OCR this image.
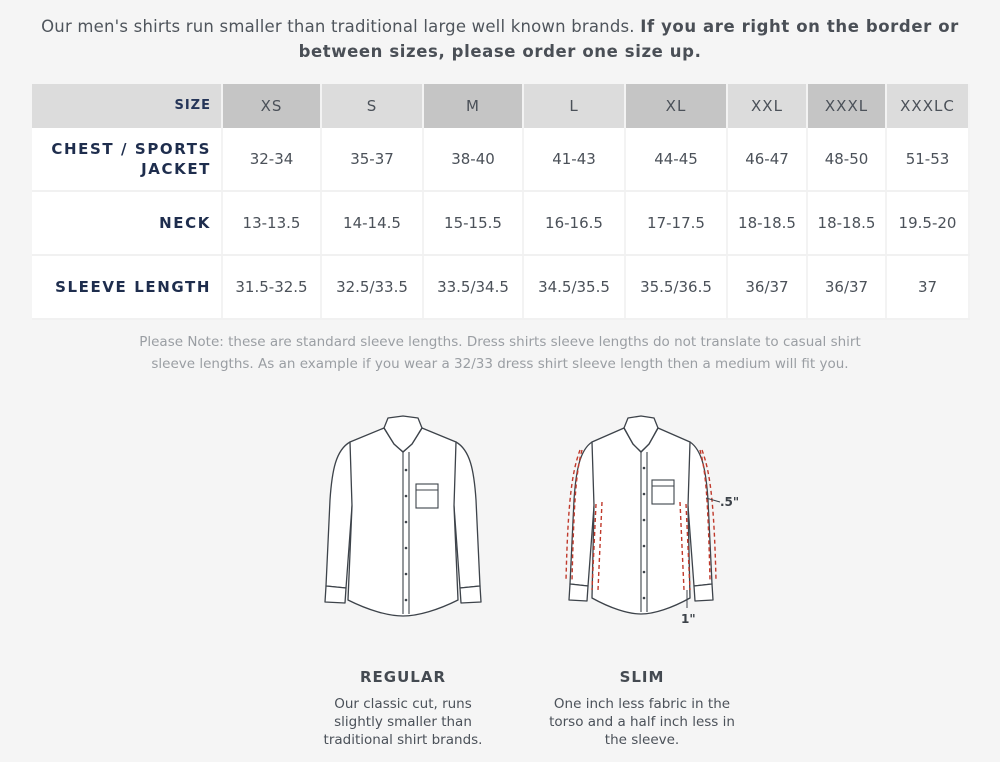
Our men's shirts run smaller than traditional large well known brands. If you are right on the border or between sizes, please order one size up.
SIZE	XS	S	M	L	XL	XXL	XXXL	XXXLC
CHEST / SPORTS
JACKET	32-34	35-37	38-40	41-43	44-45	46-47	48-50	51-53
NECK	13-13.5	14-14.5	15-15.5	16-16.5	17-17.5	18-18.5	18-18.5	19.5-20
SLEEVE LENGTH	31.5-32.5	32.5/33.5	33.5/34.5	34.5/35.5	35.5/36.5	36/37	36/37	37
Please Note: these are standard sleeve lengths. Dress shirts sleeve lengths do not translate to casual shirt
sleeve lengths. As an example if you wear a 32/33 dress shirt sleeve length then a medium will fit you.
.5"
1"
REGULAR
Our classic cut, runs
slightly smaller than
traditional shirt brands.
SLIM
One inch less fabric in the
torso and a half inch less in
the sleeve.
